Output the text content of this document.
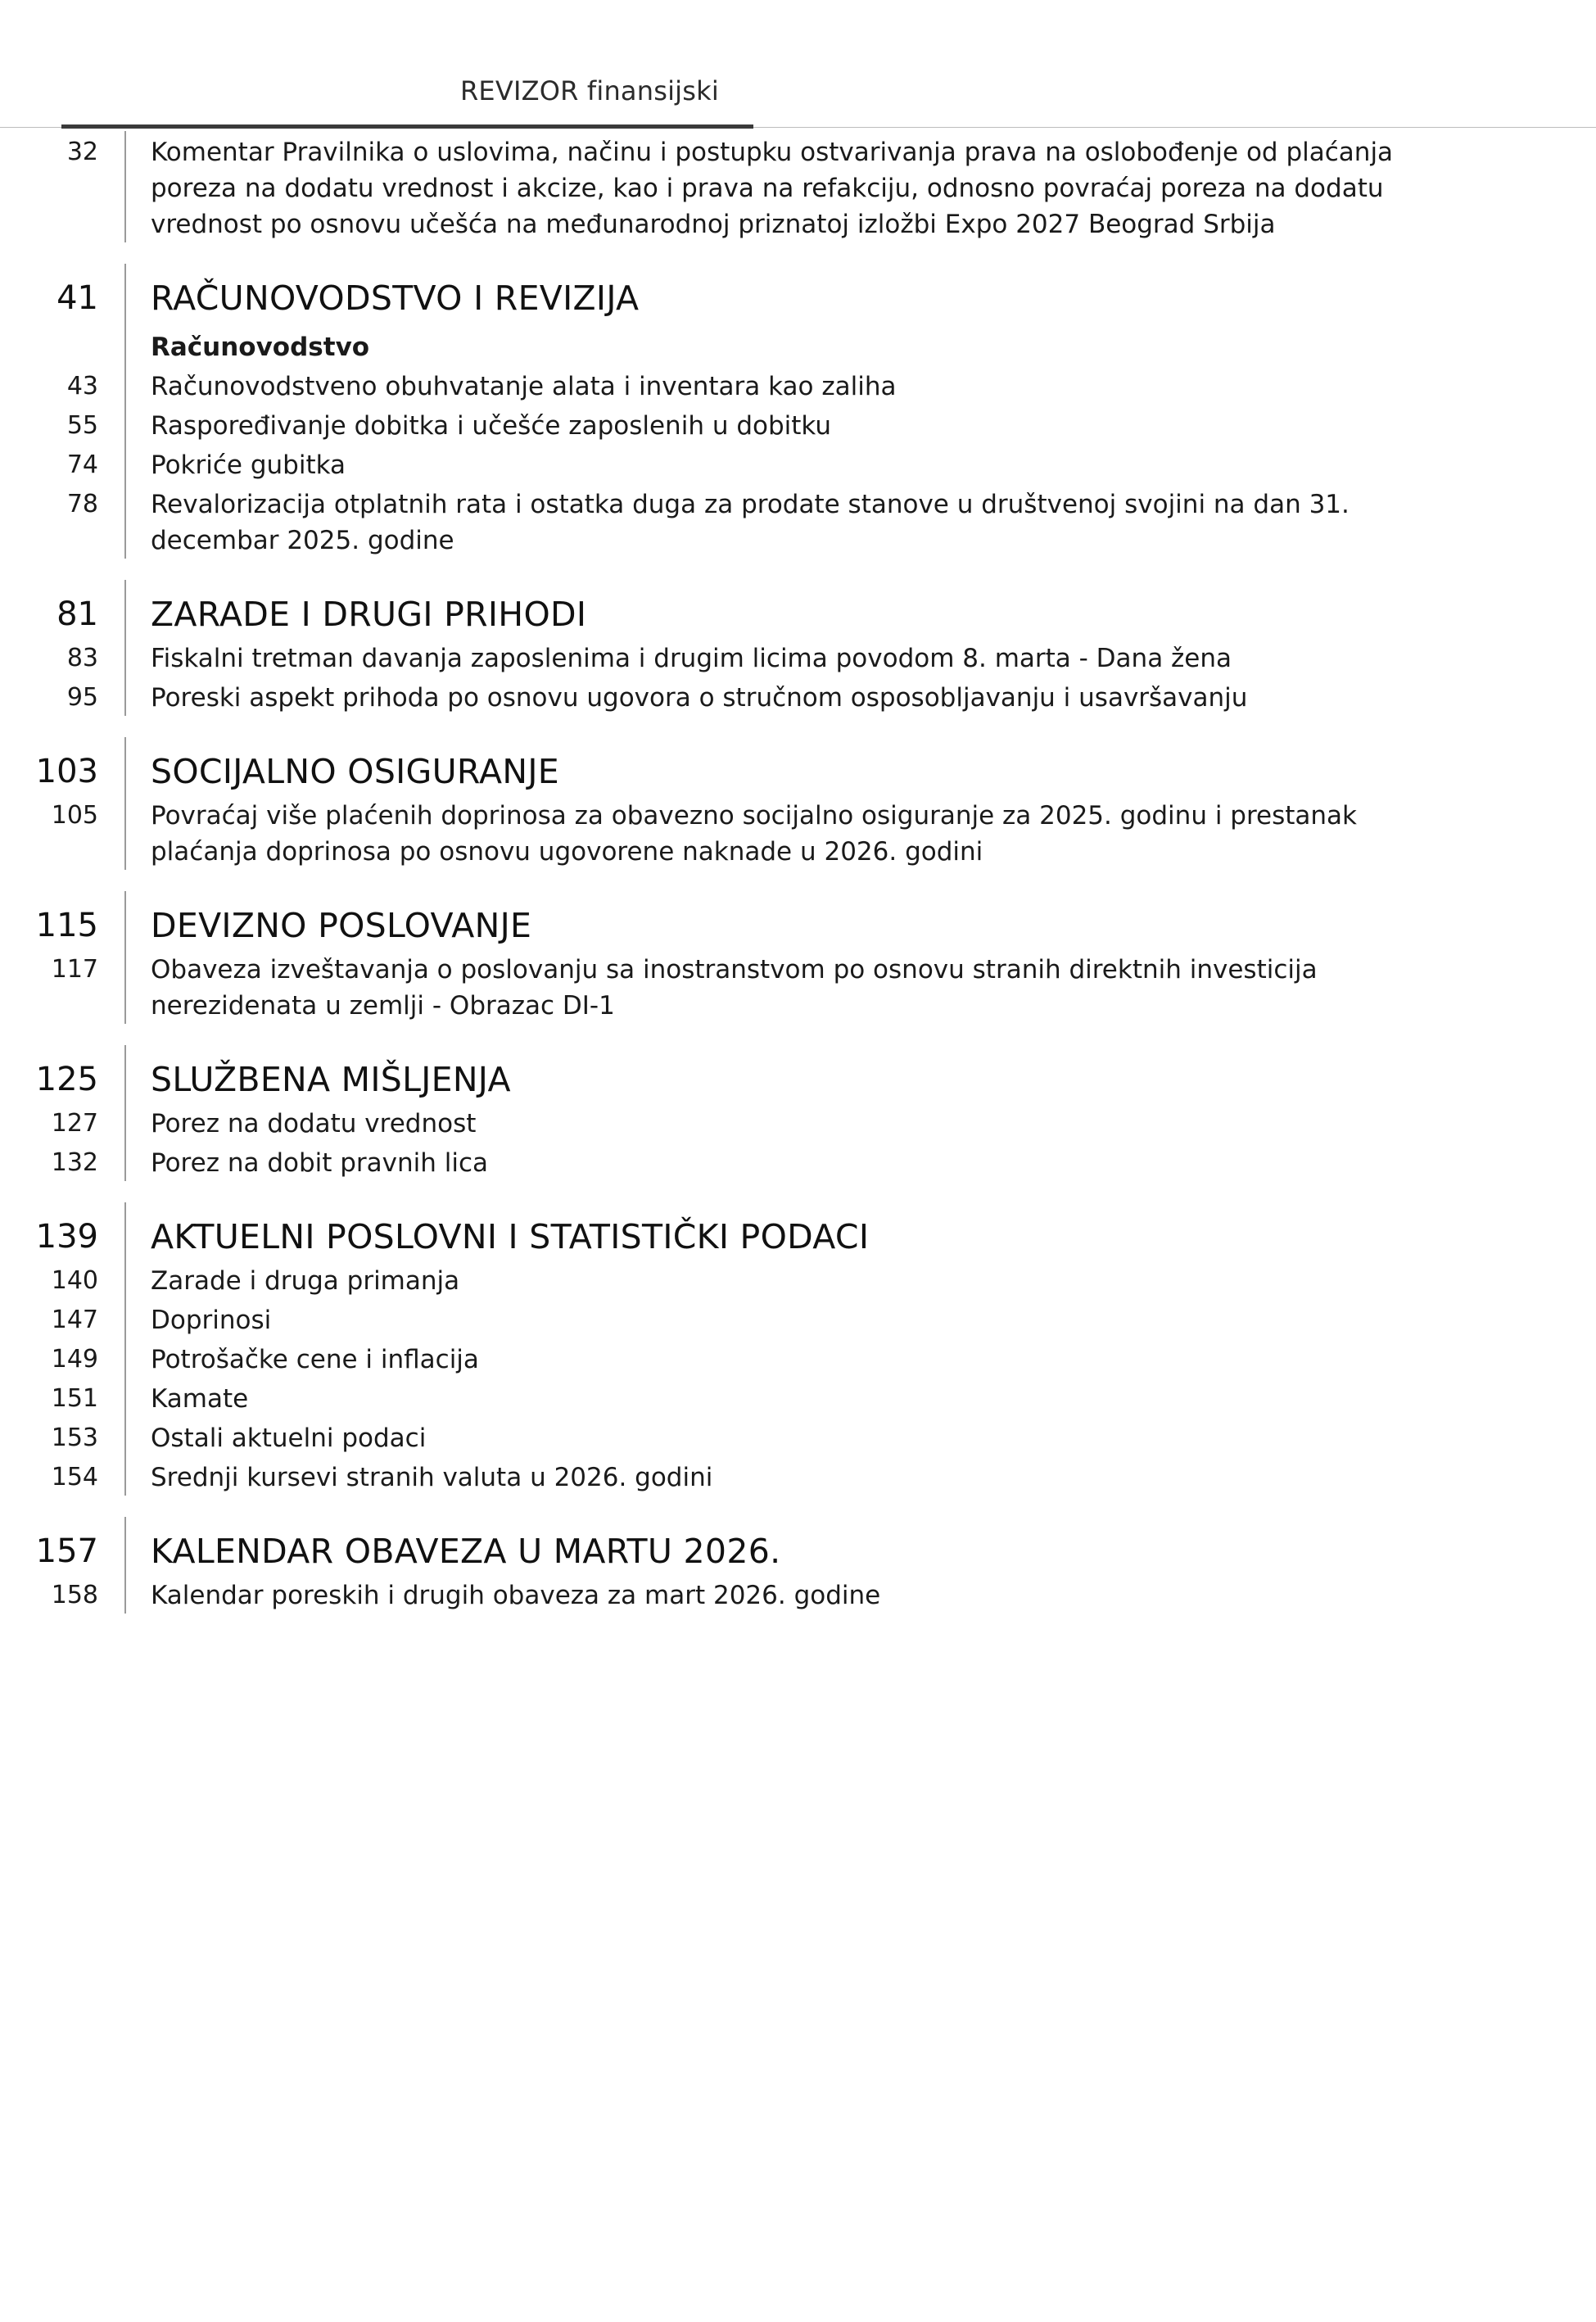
REVIZOR finansijski
32 Komentar Pravilnika o uslovima, načinu i postupku ostvarivanja prava na oslobođenje od plaćanja poreza na dodatu vrednost i akcize, kao i prava na refakciju, odnosno povraćaj poreza na dodatu vrednost po osnovu učešća na međunarodnoj priznatoj izložbi Expo 2027 Beograd Srbija
41 RAČUNOVODSTVO I REVIZIJA
Računovodstvo
43 Računovodstveno obuhvatanje alata i inventara kao zaliha
55 Raspoređivanje dobitka i učešće zaposlenih u dobitku
74 Pokriće gubitka
78 Revalorizacija otplatnih rata i ostatka duga za prodate stanove u društvenoj svojini na dan 31. decembar 2025. godine
81 ZARADE I DRUGI PRIHODI
83 Fiskalni tretman davanja zaposlenima i drugim licima povodom 8. marta - Dana žena
95 Poreski aspekt prihoda po osnovu ugovora o stručnom osposobljavanju i usavršavanju
103 SOCIJALNO OSIGURANJE
105 Povraćaj više plaćenih doprinosa za obavezno socijalno osiguranje za 2025. godinu i prestanak plaćanja doprinosa po osnovu ugovorene naknade u 2026. godini
115 DEVIZNO POSLOVANJE
117 Obaveza izveštavanja o poslovanju sa inostranstvom po osnovu stranih direktnih investicija nerezidenata u zemlji - Obrazac DI-1
125 SLUŽBENA MIŠLJENJA
127 Porez na dodatu vrednost
132 Porez na dobit pravnih lica
139 AKTUELNI POSLOVNI I STATISTIČKI PODACI
140 Zarade i druga primanja
147 Doprinosi
149 Potrošačke cene i inflacija
151 Kamate
153 Ostali aktuelni podaci
154 Srednji kursevi stranih valuta u 2026. godini
157 KALENDAR OBAVEZA U MARTU 2026.
158 Kalendar poreskih i drugih obaveza za mart 2026. godine
